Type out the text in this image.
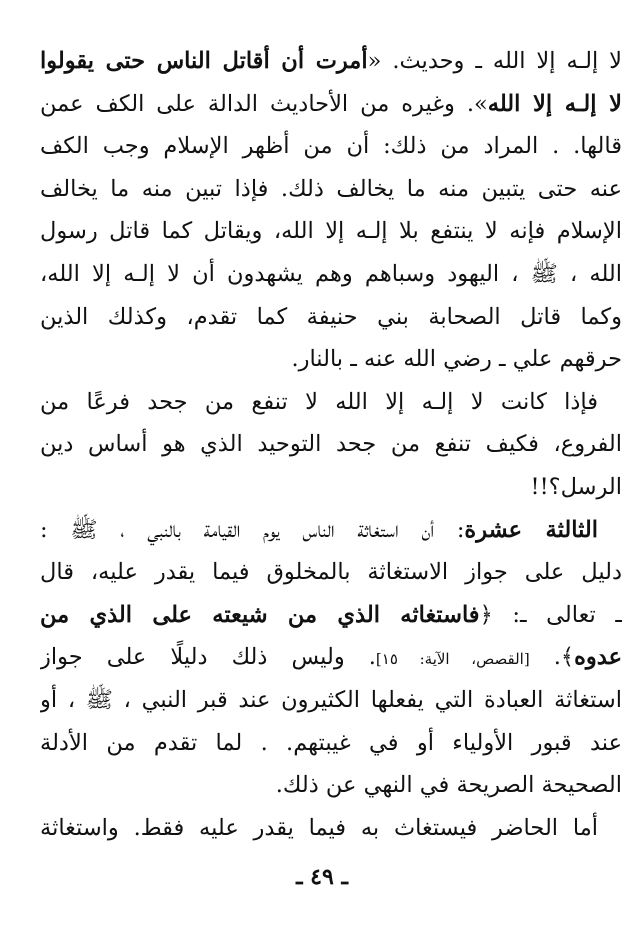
لا إلـه إلا الله ـ وحديث. «أمرت أن أقاتل الناس حتى يقولوا
لا إلـه إلا الله». وغيره من الأحاديث الدالة على الكف عمن
قالها. . المراد من ذلك: أن من أظهر الإسلام وجب الكف
عنه حتى يتبين منه ما يخالف ذلك. فإذا تبين منه ما يخالف
الإسلام فإنه لا ينتفع بلا إلـه إلا الله، ويقاتل كما قاتل رسول
الله ، ﷺ ، اليهود وسباهم وهم يشهدون أن لا إلـه إلا الله،
وكما قاتل الصحابة بني حنيفة كما تقدم، وكذلك الذين
حرقهم علي ـ رضي الله عنه ـ بالنار.
فإذا كانت لا إلـه إلا الله لا تنفع من جحد فرعًا من
الفروع، فكيف تنفع من جحد التوحيد الذي هو أساس دين
الرسل؟!!
الثالثة عشرة: أن استغاثة الناس يوم القيامة بالنبي ، ﷺ :
دليل على جواز الاستغاثة بالمخلوق فيما يقدر عليه، قال
ـ تعالى ـ: ﴿فاستغاثه الذي من شيعته على الذي من
عدوه﴾. [القصص، الآية: ١٥]. وليس ذلك دليلًا على جواز
استغاثة العبادة التي يفعلها الكثيرون عند قبر النبي ، ﷺ ، أو
عند قبور الأولياء أو في غيبتهم. . لما تقدم من الأدلة
الصحيحة الصريحة في النهي عن ذلك.
أما الحاضر فيستغاث به فيما يقدر عليه فقط. واستغاثة
ـ ٤٩ ـ
